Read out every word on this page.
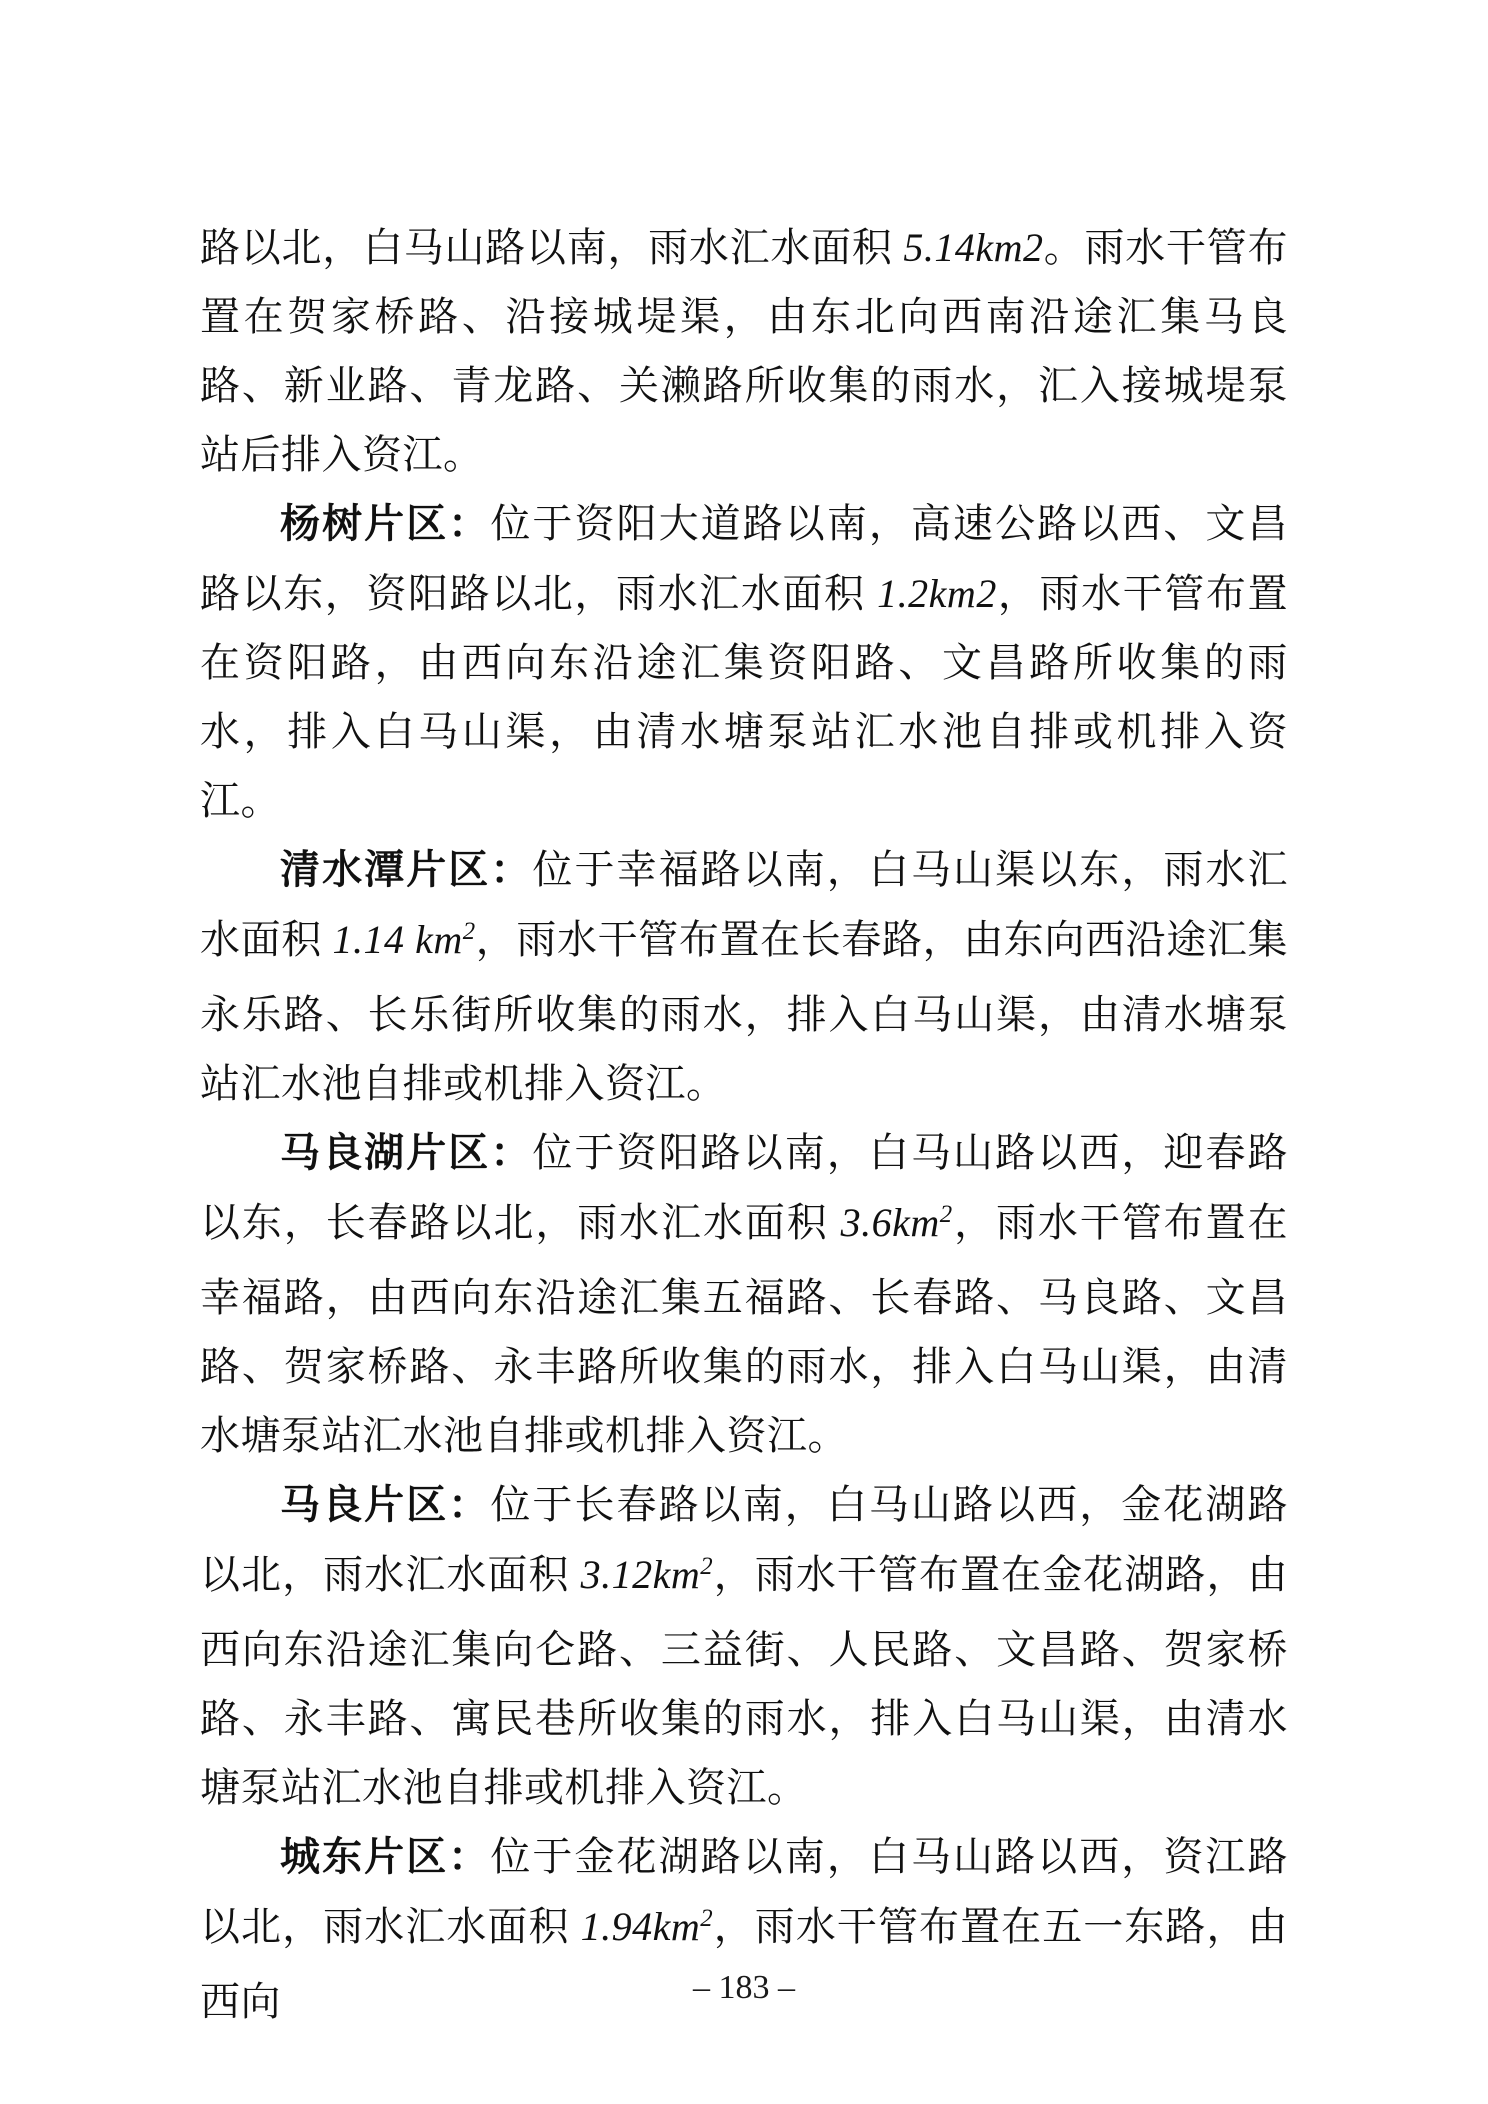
路以北，白马山路以南，雨水汇水面积 5.14km2。雨水干管布置在贺家桥路、沿接城堤渠，由东北向西南沿途汇集马良路、新业路、青龙路、关濑路所收集的雨水，汇入接城堤泵站后排入资江。

杨树片区：位于资阳大道路以南，高速公路以西、文昌路以东，资阳路以北，雨水汇水面积 1.2km2，雨水干管布置在资阳路，由西向东沿途汇集资阳路、文昌路所收集的雨水，排入白马山渠，由清水塘泵站汇水池自排或机排入资江。

清水潭片区：位于幸福路以南，白马山渠以东，雨水汇水面积 1.14 $km^2$，雨水干管布置在长春路，由东向西沿途汇集永乐路、长乐街所收集的雨水，排入白马山渠，由清水塘泵站汇水池自排或机排入资江。

马良湖片区：位于资阳路以南，白马山路以西，迎春路以东，长春路以北，雨水汇水面积 $3.6km^2$，雨水干管布置在幸福路，由西向东沿途汇集五福路、长春路、马良路、文昌路、贺家桥路、永丰路所收集的雨水，排入白马山渠，由清水塘泵站汇水池自排或机排入资江。

马良片区：位于长春路以南，白马山路以西，金花湖路以北，雨水汇水面积 $3.12km^2$，雨水干管布置在金花湖路，由西向东沿途汇集向仑路、三益街、人民路、文昌路、贺家桥路、永丰路、寓民巷所收集的雨水，排入白马山渠，由清水塘泵站汇水池自排或机排入资江。

城东片区：位于金花湖路以南，白马山路以西，资江路以北，雨水汇水面积 $1.94km^2$，雨水干管布置在五一东路，由西向	– 183 –
